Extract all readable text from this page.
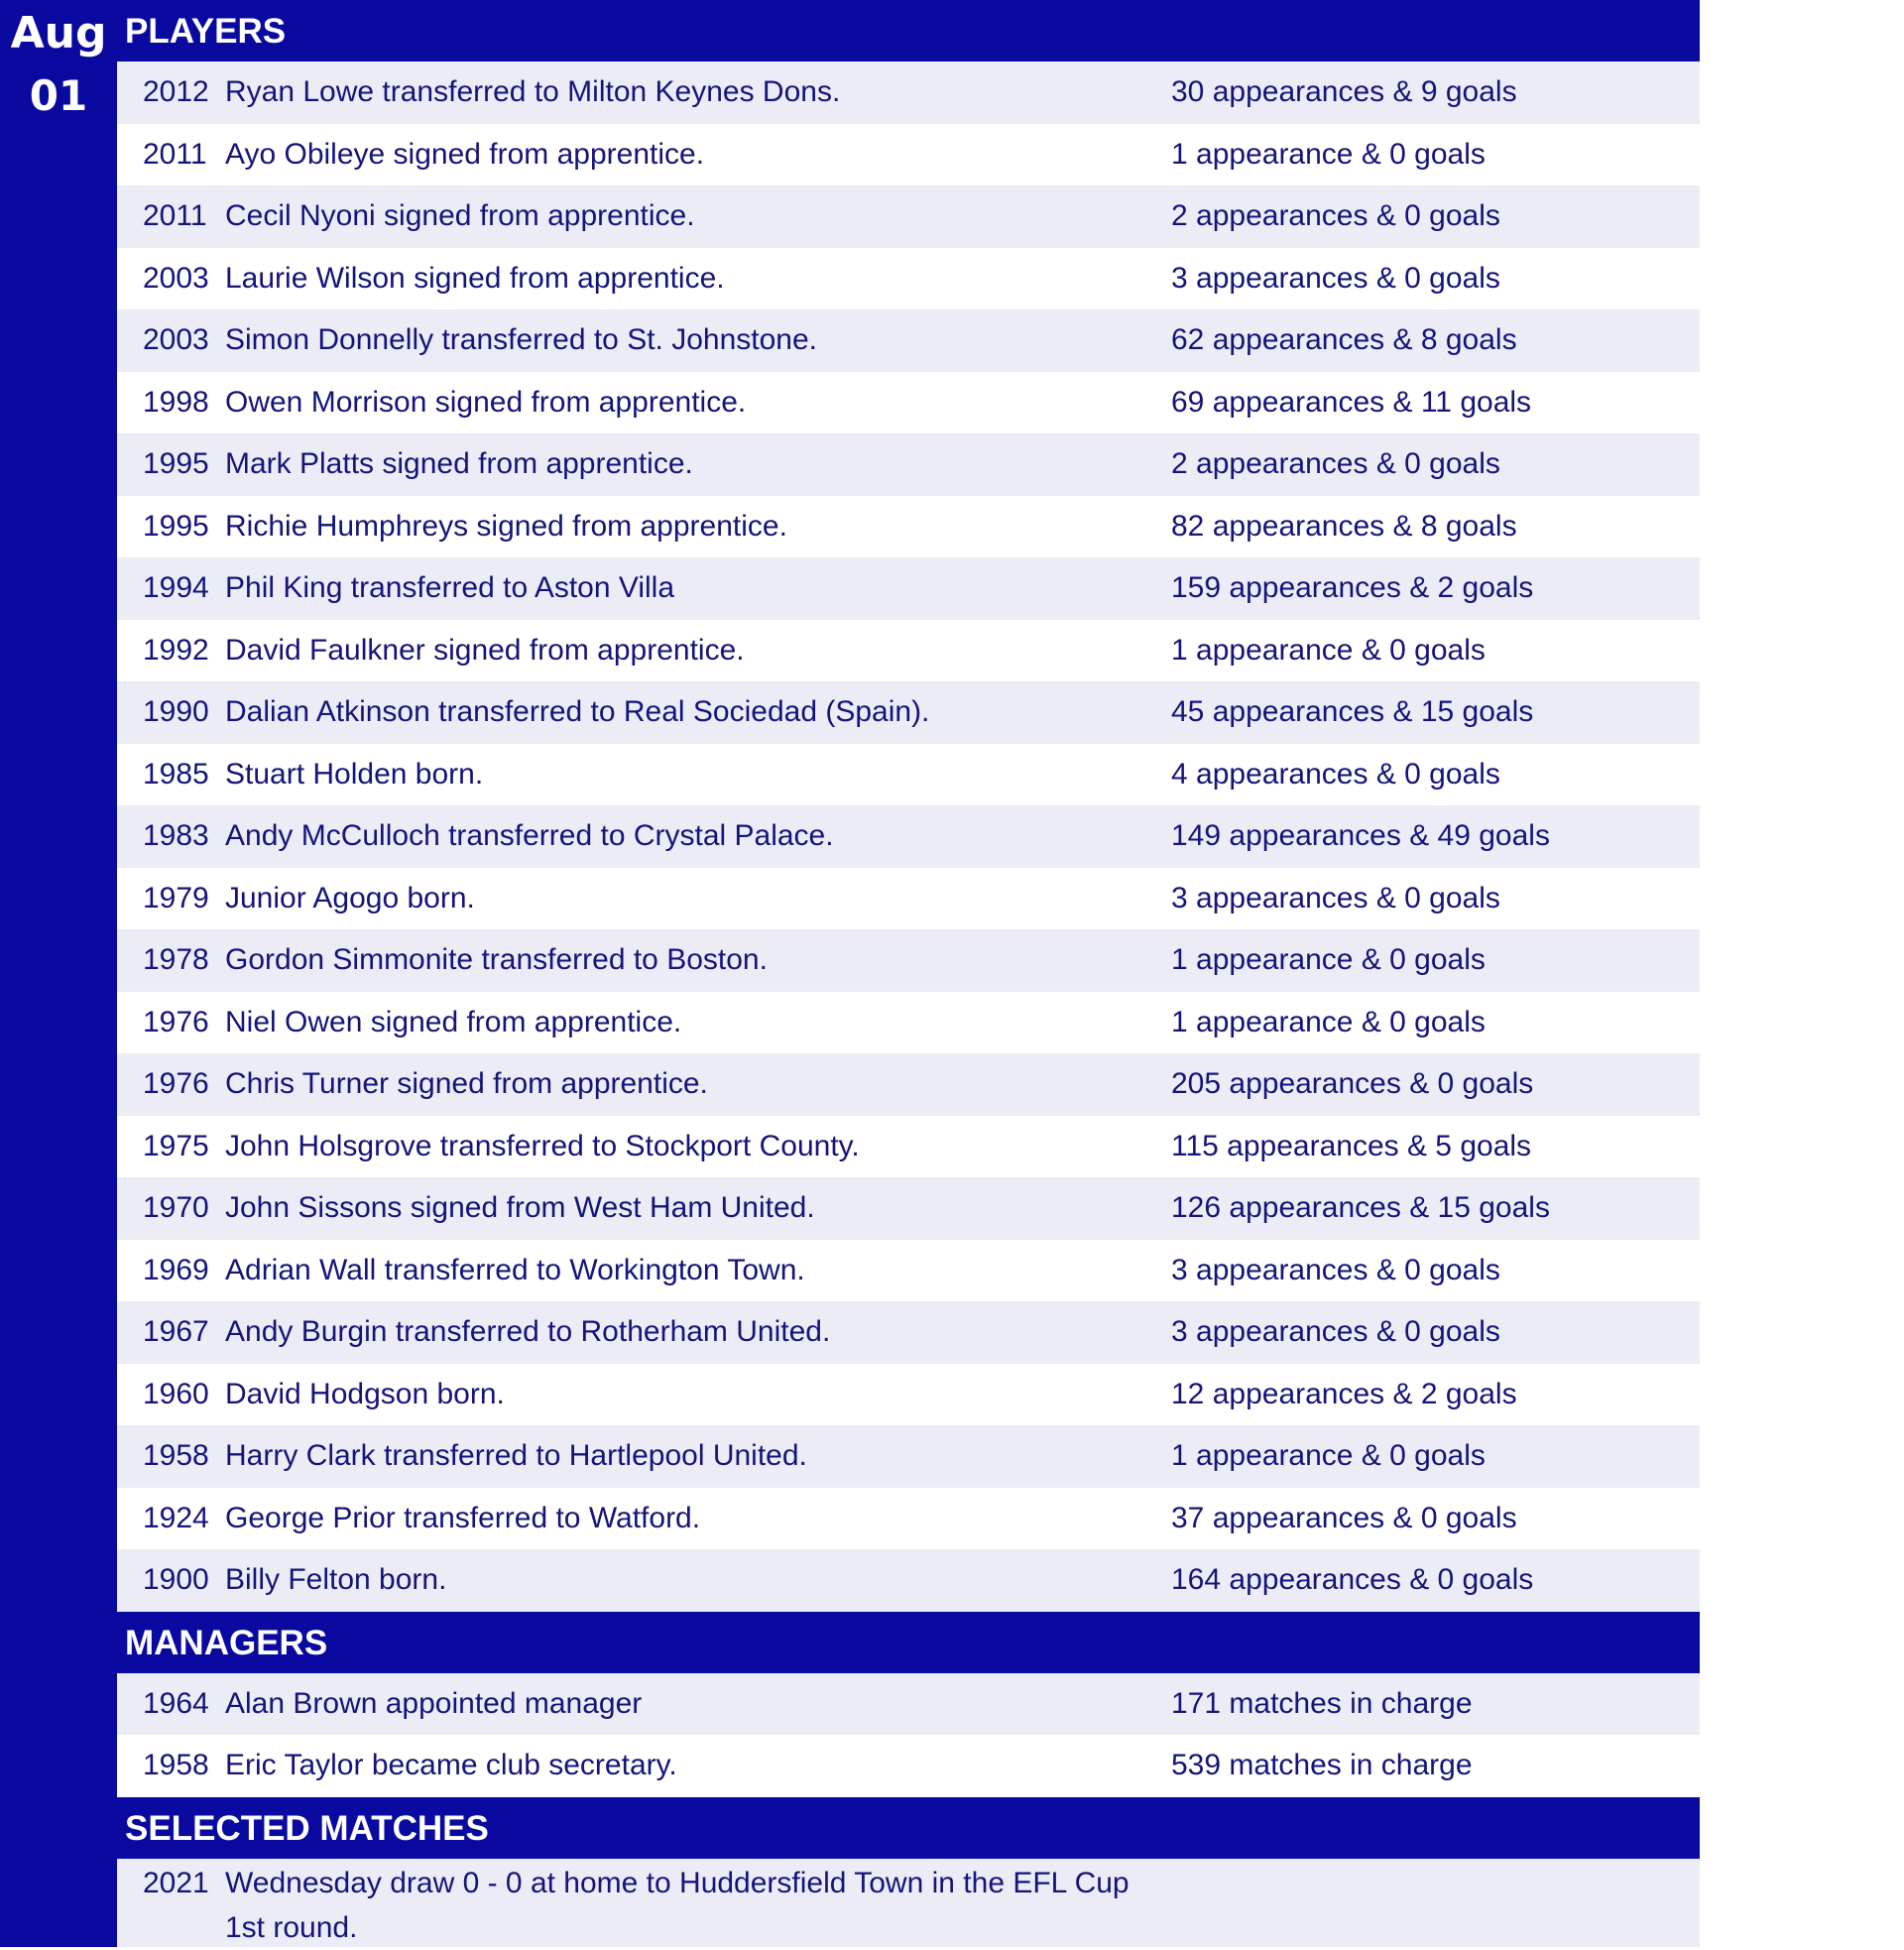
Aug
01
PLAYERS
2012 Ryan Lowe transferred to Milton Keynes Dons.	30 appearances & 9 goals
2011 Ayo Obileye signed from apprentice.	1 appearance & 0 goals
2011 Cecil Nyoni signed from apprentice.	2 appearances & 0 goals
2003 Laurie Wilson signed from apprentice.	3 appearances & 0 goals
2003 Simon Donnelly transferred to St. Johnstone.	62 appearances & 8 goals
1998 Owen Morrison signed from apprentice.	69 appearances & 11 goals
1995 Mark Platts signed from apprentice.	2 appearances & 0 goals
1995 Richie Humphreys signed from apprentice.	82 appearances & 8 goals
1994 Phil King transferred to Aston Villa	159 appearances & 2 goals
1992 David Faulkner signed from apprentice.	1 appearance & 0 goals
1990 Dalian Atkinson transferred to Real Sociedad (Spain).	45 appearances & 15 goals
1985 Stuart Holden born.	4 appearances & 0 goals
1983 Andy McCulloch transferred to Crystal Palace.	149 appearances & 49 goals
1979 Junior Agogo born.	3 appearances & 0 goals
1978 Gordon Simmonite transferred to Boston.	1 appearance & 0 goals
1976 Niel Owen signed from apprentice.	1 appearance & 0 goals
1976 Chris Turner signed from apprentice.	205 appearances & 0 goals
1975 John Holsgrove transferred to Stockport County.	115 appearances & 5 goals
1970 John Sissons signed from West Ham United.	126 appearances & 15 goals
1969 Adrian Wall transferred to Workington Town.	3 appearances & 0 goals
1967 Andy Burgin transferred to Rotherham United.	3 appearances & 0 goals
1960 David Hodgson born.	12 appearances & 2 goals
1958 Harry Clark transferred to Hartlepool United.	1 appearance & 0 goals
1924 George Prior transferred to Watford.	37 appearances & 0 goals
1900 Billy Felton born.	164 appearances & 0 goals
MANAGERS
1964 Alan Brown appointed manager	171 matches in charge
1958 Eric Taylor became club secretary.	539 matches in charge
SELECTED MATCHES
2021 Wednesday draw 0 - 0 at home to Huddersfield Town in the EFL Cup
1st round.
